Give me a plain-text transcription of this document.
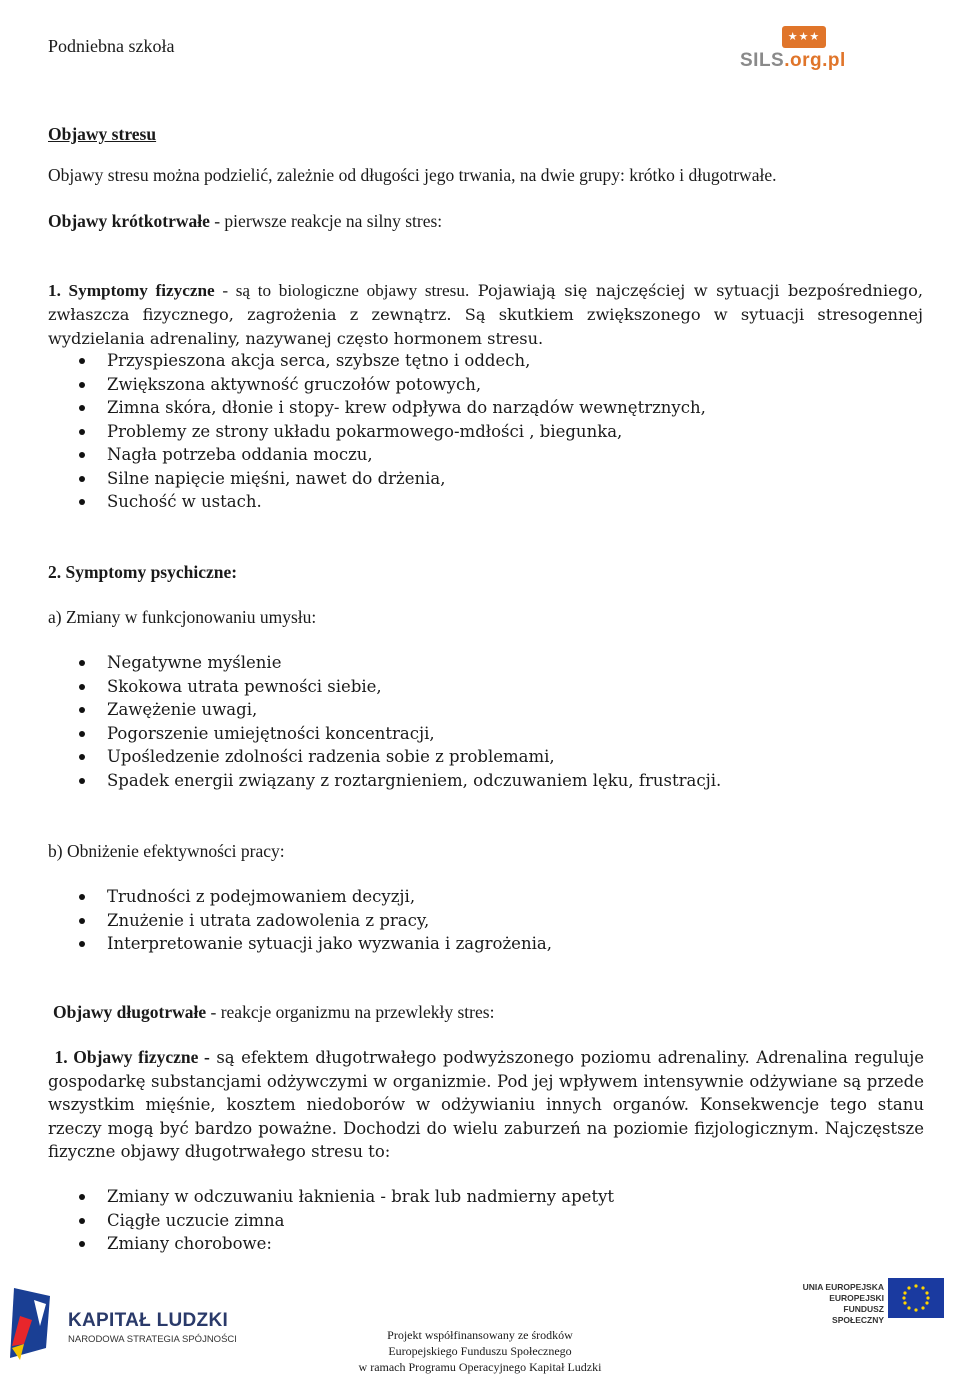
Podniebna szkoła	★★★
SILS.org.pl
Objawy stresu
Objawy stresu można podzielić, zależnie od długości jego trwania, na dwie grupy: krótko i długotrwałe.
Objawy krótkotrwałe - pierwsze reakcje na silny stres:
1. Symptomy fizyczne - są to biologiczne objawy stresu. Pojawiają się najczęściej w sytuacji bezpośredniego, zwłaszcza fizycznego, zagrożenia z zewnątrz. Są skutkiem zwiększonego w sytuacji stresogennej wydzielania adrenaliny, nazywanej często hormonem stresu.
Przyspieszona akcja serca, szybsze tętno i oddech,
Zwiększona aktywność gruczołów potowych,
Zimna skóra, dłonie i stopy- krew odpływa do narządów wewnętrznych,
Problemy ze strony układu pokarmowego-mdłości , biegunka,
Nagła potrzeba oddania moczu,
Silne napięcie mięśni, nawet do drżenia,
Suchość w ustach.
2. Symptomy psychiczne:
a) Zmiany w funkcjonowaniu umysłu:
Negatywne myślenie
Skokowa utrata pewności siebie,
Zawężenie uwagi,
Pogorszenie umiejętności koncentracji,
Upośledzenie zdolności radzenia sobie z problemami,
Spadek energii związany z roztargnieniem, odczuwaniem lęku, frustracji.
b) Obniżenie efektywności pracy:
Trudności z podejmowaniem decyzji,
Znużenie i utrata zadowolenia z pracy,
Interpretowanie sytuacji jako wyzwania i zagrożenia,
Objawy długotrwałe - reakcje organizmu na przewlekły stres:
1. Objawy fizyczne - są efektem długotrwałego podwyższonego poziomu adrenaliny. Adrenalina reguluje gospodarkę substancjami odżywczymi w organizmie. Pod jej wpływem intensywnie odżywiane są przede wszystkim mięśnie, kosztem niedoborów w odżywianiu innych organów. Konsekwencje tego stanu rzeczy mogą być bardzo poważne. Dochodzi do wielu zaburzeń na poziomie fizjologicznym. Najczęstsze fizyczne objawy długotrwałego stresu to:
Zmiany w odczuwaniu łaknienia - brak lub nadmierny apetyt
Ciągłe uczucie zimna
Zmiany chorobowe:
KAPITAŁ LUDZKI
NARODOWA STRATEGIA SPÓJNOŚCI	Projekt współfinansowany ze środków
Europejskiego Funduszu Społecznego
w ramach Programu Operacyjnego Kapitał Ludzki
UNIA EUROPEJSKA
EUROPEJSKI
FUNDUSZ SPOŁECZNY
